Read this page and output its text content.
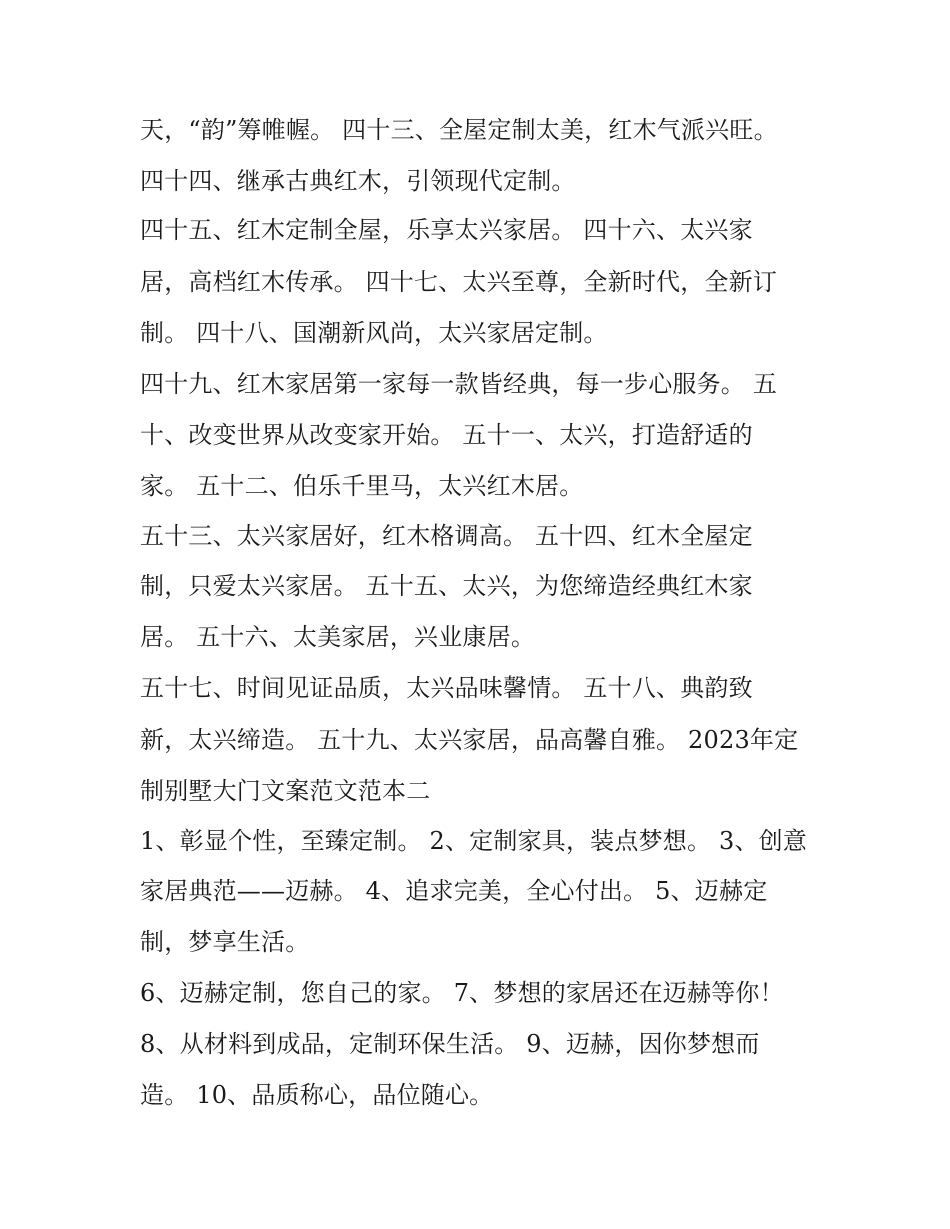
天，“韵”筹帷幄。 四十三、全屋定制太美，红木气派兴旺。
四十四、继承古典红木，引领现代定制。
四十五、红木定制全屋，乐享太兴家居。 四十六、太兴家
居，高档红木传承。 四十七、太兴至尊，全新时代，全新订
制。 四十八、国潮新风尚，太兴家居定制。
四十九、红木家居第一家每一款皆经典，每一步心服务。 五
十、改变世界从改变家开始。 五十一、太兴，打造舒适的
家。 五十二、伯乐千里马，太兴红木居。
五十三、太兴家居好，红木格调高。 五十四、红木全屋定
制，只爱太兴家居。 五十五、太兴，为您缔造经典红木家
居。 五十六、太美家居，兴业康居。
五十七、时间见证品质，太兴品味馨情。 五十八、典韵致
新，太兴缔造。 五十九、太兴家居，品高馨自雅。 2023年定
制别墅大门文案范文范本二
1、彰显个性，至臻定制。 2、定制家具，装点梦想。 3、创意
家居典范——迈赫。 4、追求完美，全心付出。 5、迈赫定
制，梦享生活。
6、迈赫定制，您自己的家。 7、梦想的家居还在迈赫等你！
8、从材料到成品，定制环保生活。 9、迈赫，因你梦想而
造。 10、品质称心，品位随心。
